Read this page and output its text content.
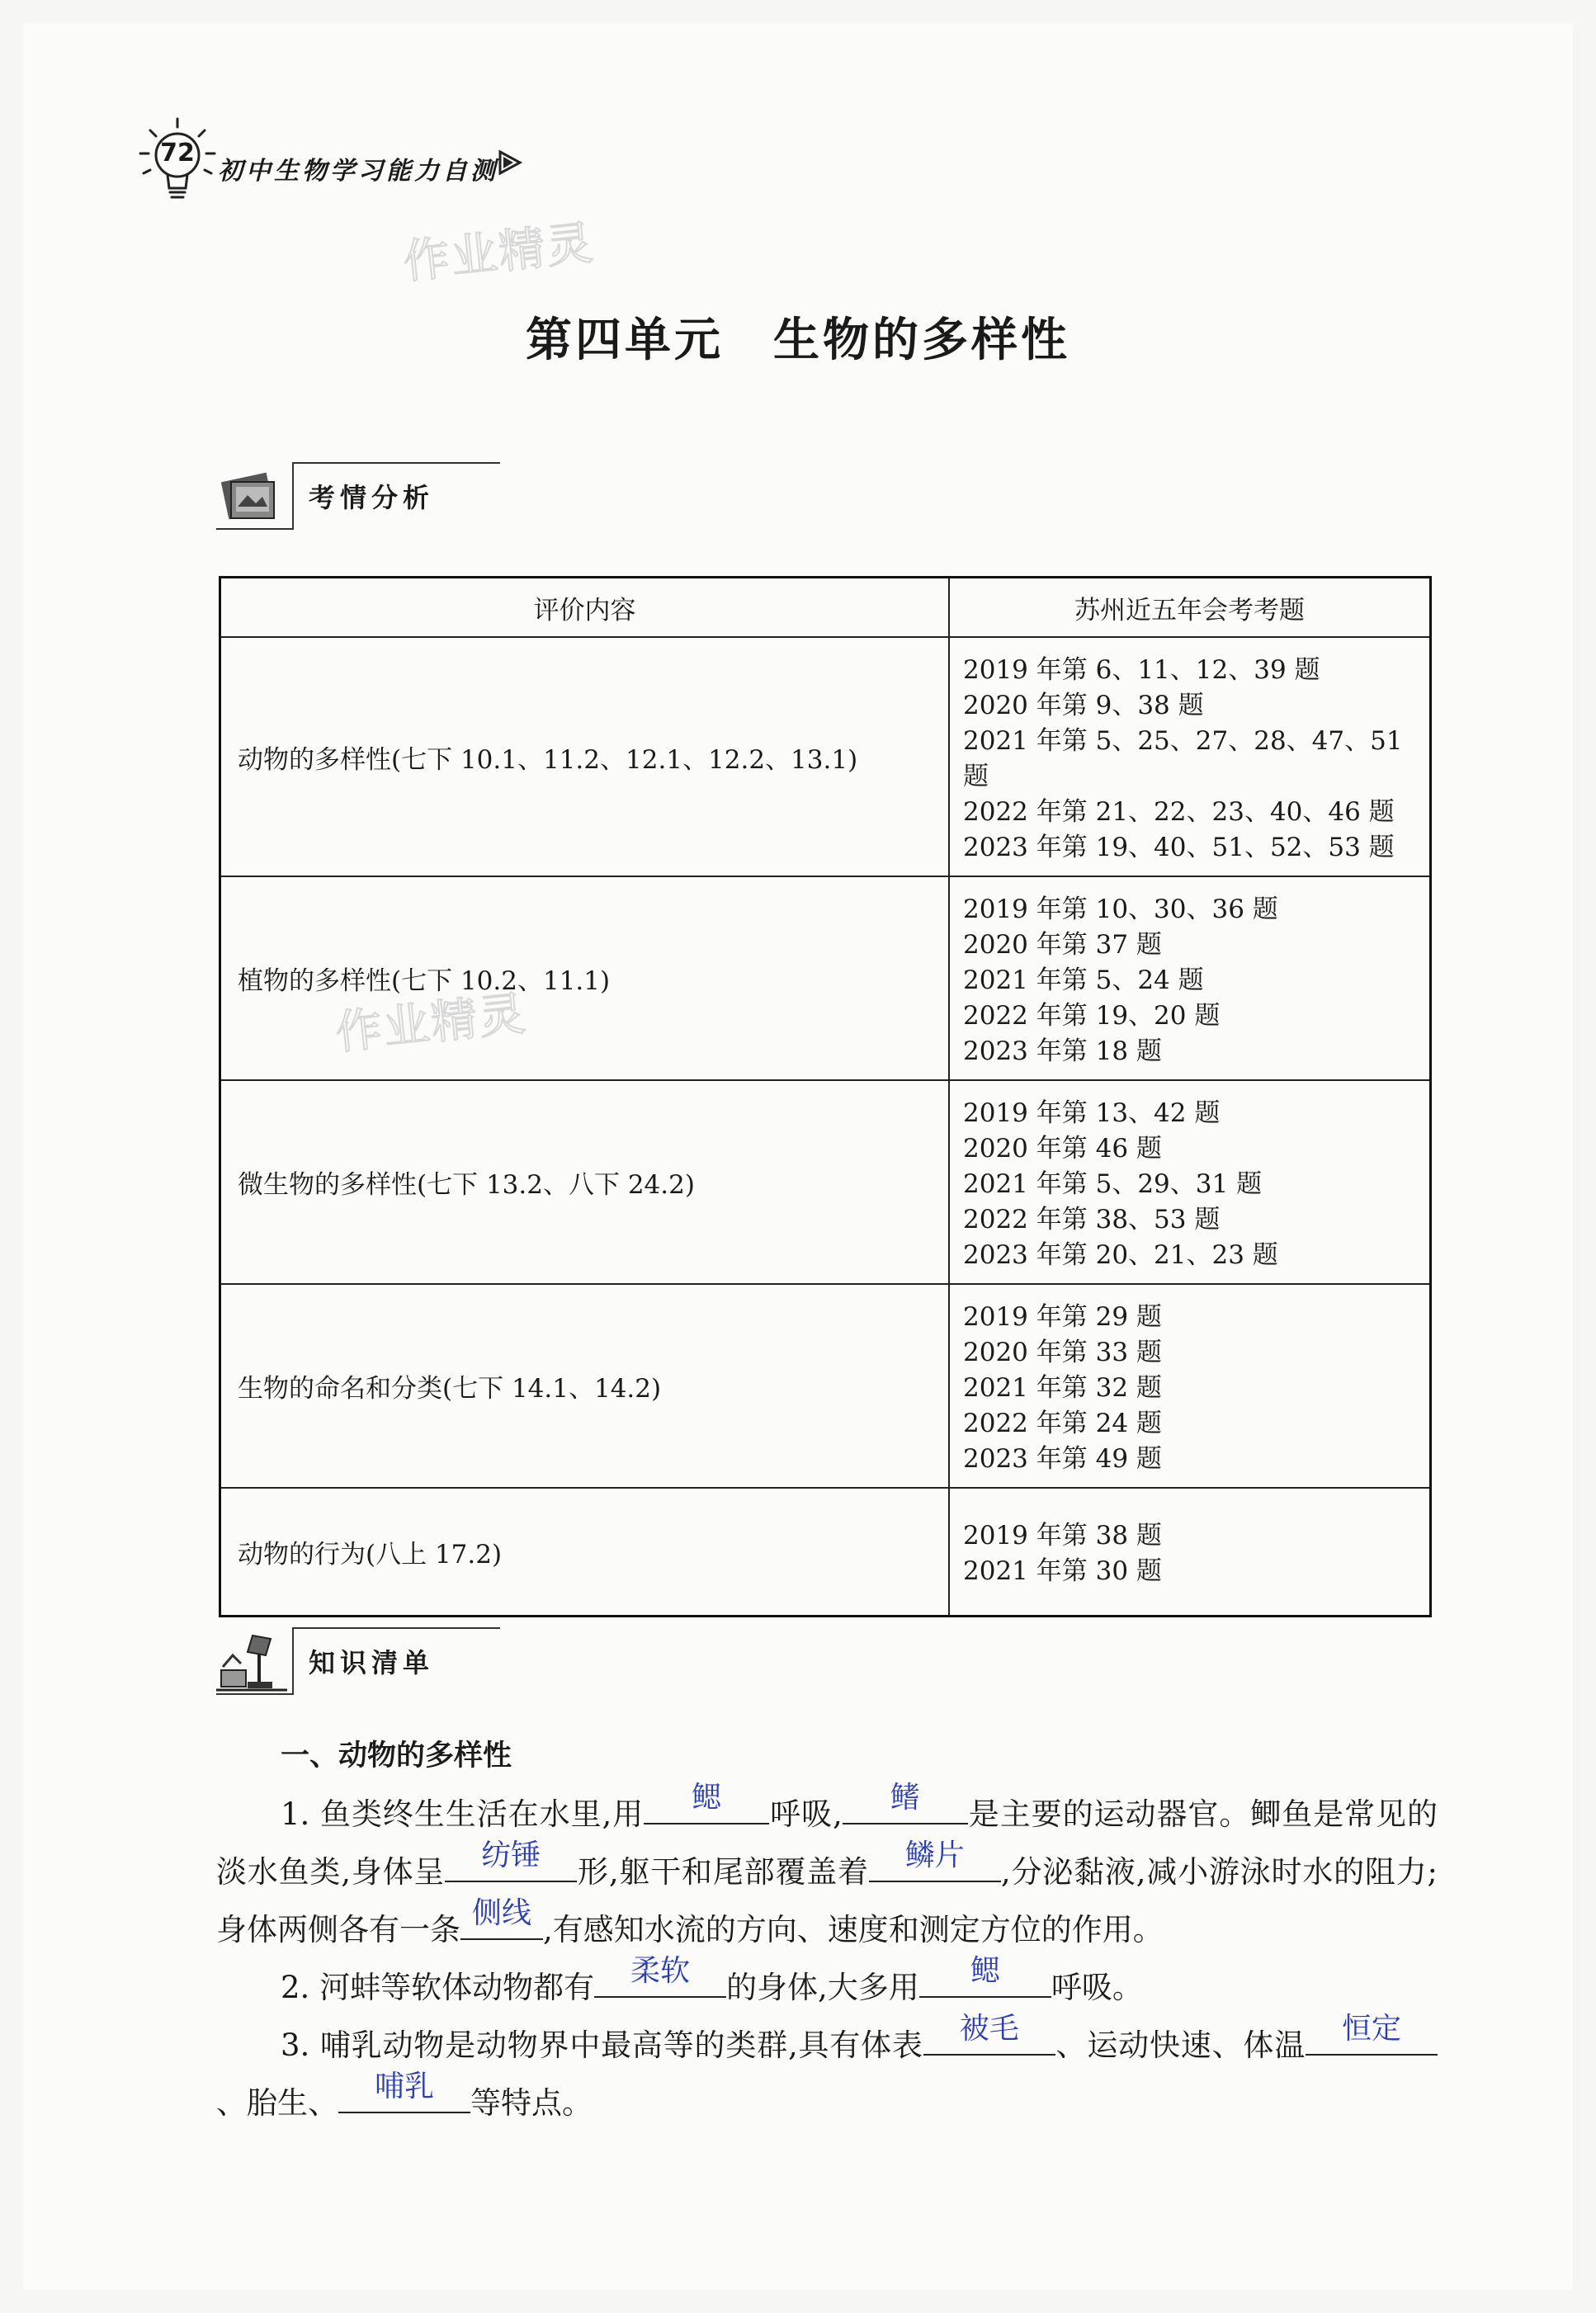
72
初中生物学习能力自测
作业精灵
作业精灵
第四单元 生物的多样性
考情分析
评价内容	苏州近五年会考考题
动物的多样性(七下 10.1、11.2、12.1、12.2、13.1)	2019 年第 6、11、12、39 题
2020 年第 9、38 题
2021 年第 5、25、27、28、47、51 题
2022 年第 21、22、23、40、46 题
2023 年第 19、40、51、52、53 题

植物的多样性(七下 10.2、11.1)	2019 年第 10、30、36 题
2020 年第 37 题
2021 年第 5、24 题
2022 年第 19、20 题
2023 年第 18 题

微生物的多样性(七下 13.2、八下 24.2)	2019 年第 13、42 题
2020 年第 46 题
2021 年第 5、29、31 题
2022 年第 38、53 题
2023 年第 20、21、23 题

生物的命名和分类(七下 14.1、14.2)	2019 年第 29 题
2020 年第 33 题
2021 年第 32 题
2022 年第 24 题
2023 年第 49 题

动物的行为(八上 17.2)	2019 年第 38 题
2021 年第 30 题
知识清单
一、动物的多样性

1. 鱼类终生生活在水里,用	鳃	呼吸,	鳍	是主要的运动器官。鲫鱼是常见的淡水鱼类,身体呈	纺锤	形,躯干和尾部覆盖着	鳞片	,分泌黏液,减小游泳时水的阻力;身体两侧各有一条 侧线 ,有感知水流的方向、速度和测定方位的作用。

2. 河蚌等软体动物都有	柔软	的身体,大多用	鳃	呼吸。

3. 哺乳动物是动物界中最高等的类群,具有体表	被毛	、运动快速、体温	恒定
、胎生、	哺乳	等特点。
